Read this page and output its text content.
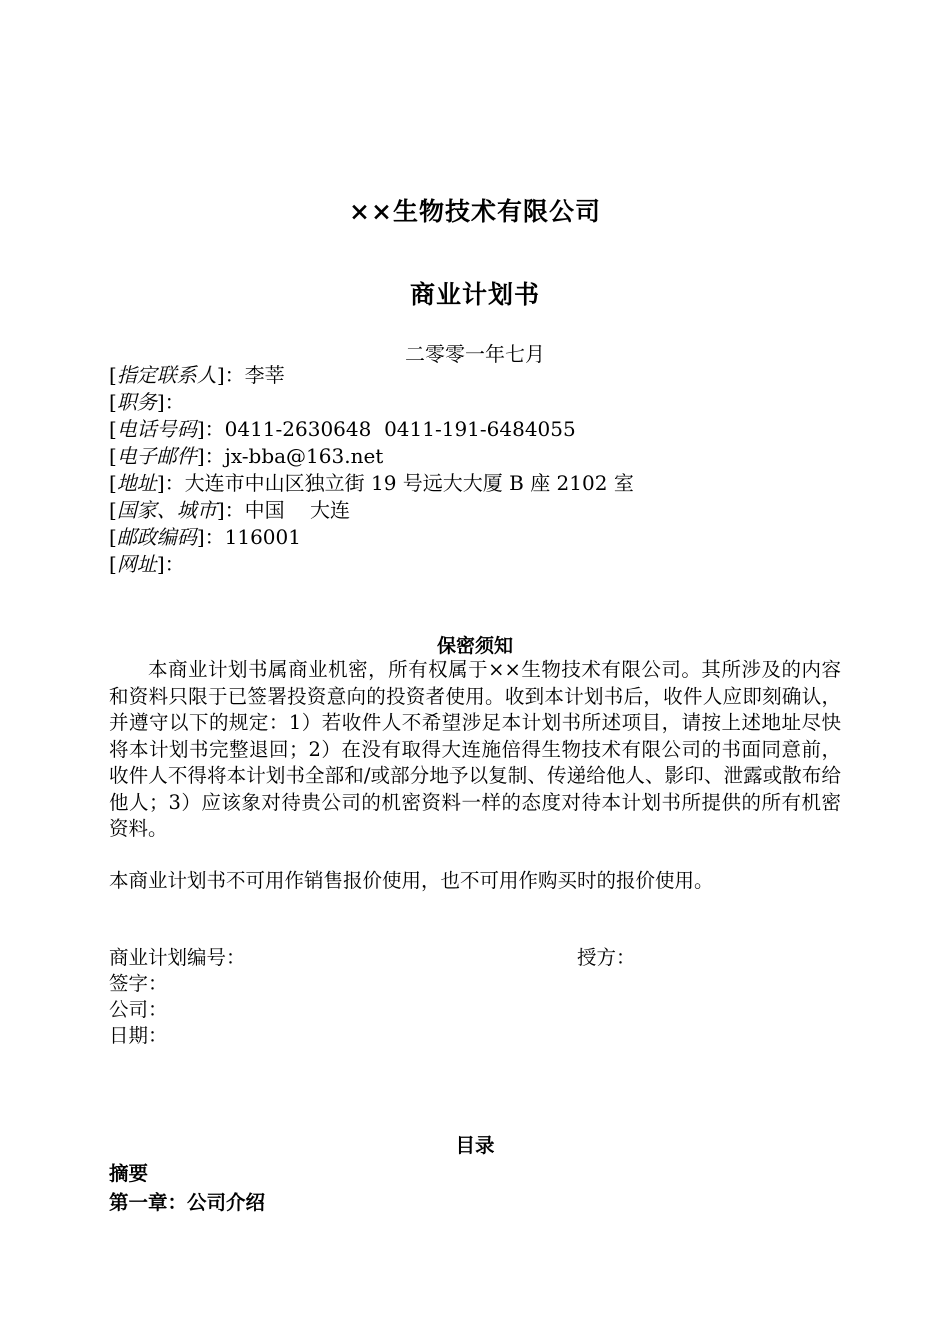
××生物技术有限公司
商业计划书
二零零一年七月
[指定联系人]：李莘
[职务]：
[电话号码]：0411-2630648  0411-191-6484055
[电子邮件]：jx-bba@163.net
[地址]：大连市中山区独立街 19 号远大大厦 B 座 2102 室
[国家、城市]：中国    大连
[邮政编码]：116001
[网址]：
保密须知
本商业计划书属商业机密，所有权属于××生物技术有限公司。其所涉及的内容和资料只限于已签署投资意向的投资者使用。收到本计划书后，收件人应即刻确认，并遵守以下的规定：1）若收件人不希望涉足本计划书所述项目，请按上述地址尽快将本计划书完整退回；2）在没有取得大连施倍得生物技术有限公司的书面同意前，收件人不得将本计划书全部和/或部分地予以复制、传递给他人、影印、泄露或散布给他人；3）应该象对待贵公司的机密资料一样的态度对待本计划书所提供的所有机密资料。
本商业计划书不可用作销售报价使用，也不可用作购买时的报价使用。
商业计划编号：	授方：
签字：
公司：
日期：
目录
摘要
第一章：公司介绍
